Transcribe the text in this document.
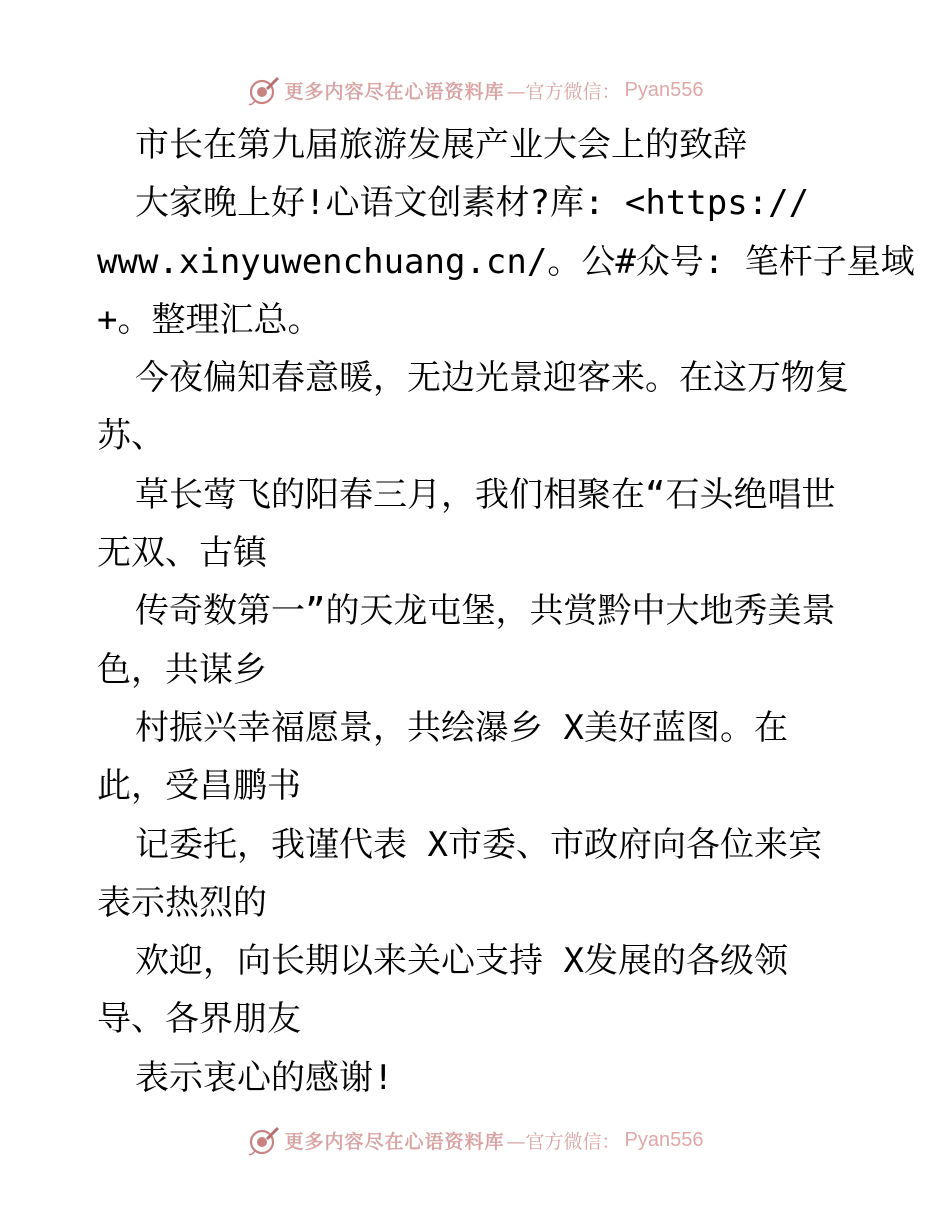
更多内容尽在心语资料库 —官方微信： Pyan556
市长在第九届旅游发展产业大会上的致辞
大家晚上好!心语文创素材?库: <https://
www.xinyuwenchuang.cn/。公#众号: 笔杆子星域
+。整理汇总。
今夜偏知春意暖，无边光景迎客来。在这万物复
苏、
草长莺飞的阳春三月，我们相聚在“石头绝唱世
无双、古镇
传奇数第一”的天龙屯堡，共赏黔中大地秀美景
色，共谋乡
村振兴幸福愿景，共绘瀑乡 X美好蓝图。在
此，受昌鹏书
记委托，我谨代表 X市委、市政府向各位来宾
表示热烈的
欢迎，向长期以来关心支持 X发展的各级领
导、各界朋友
表示衷心的感谢!
更多内容尽在心语资料库 —官方微信： Pyan556
